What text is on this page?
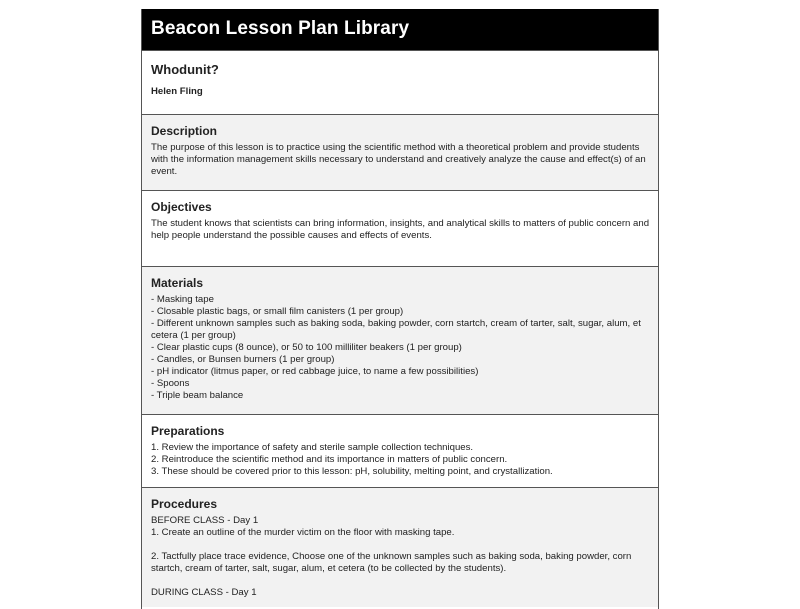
Beacon Lesson Plan Library
Whodunit?
Helen Fling
Description

The purpose of this lesson is to practice using the scientific method with a theoretical problem and provide students with the information management skills necessary to understand and creatively analyze the cause and effect(s) of an event.

Objectives

The student knows that scientists can bring information, insights, and analytical skills to matters of public concern and help people understand the possible causes and effects of events.

Materials
- Masking tape
- Closable plastic bags, or small film canisters (1 per group)
- Different unknown samples such as baking soda, baking powder, corn startch, cream of tarter, salt, sugar, alum, et cetera (1 per group)
- Clear plastic cups (8 ounce), or 50 to 100 milliliter beakers (1 per group)
- Candles, or Bunsen burners (1 per group)
- pH indicator (litmus paper, or red cabbage juice, to name a few possibilities)
- Spoons
- Triple beam balance
Preparations
1. Review the importance of safety and sterile sample collection techniques.
2. Reintroduce the scientific method and its importance in matters of public concern.
3. These should be covered prior to this lesson: pH, solubility, melting point, and crystallization.
Procedures
BEFORE CLASS - Day 1
1. Create an outline of the murder victim on the floor with masking tape.
2. Tactfully place trace evidence, Choose one of the unknown samples such as baking soda, baking powder, corn startch, cream of tarter, salt, sugar, alum, et cetera (to be collected by the students).
DURING CLASS - Day 1
